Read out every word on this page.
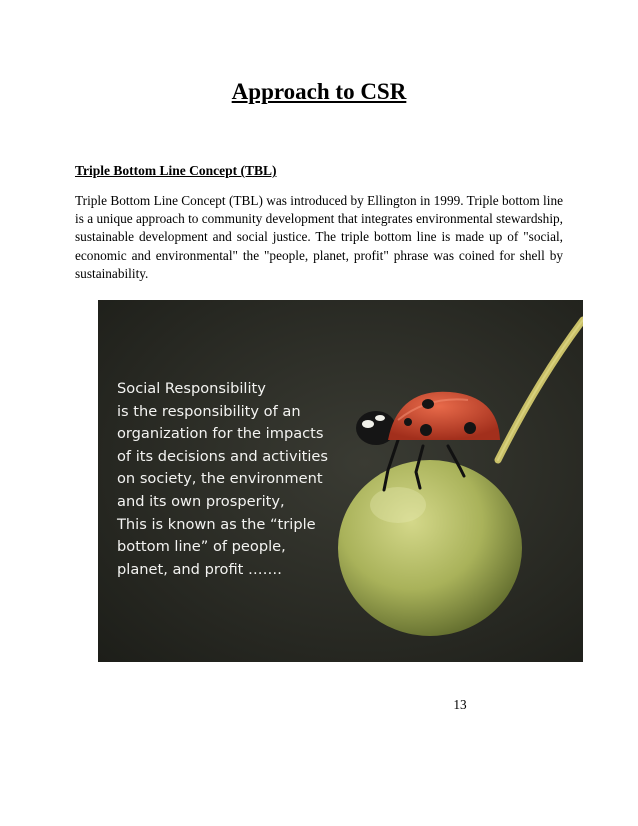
Approach to CSR
Triple Bottom Line Concept (TBL)

Triple Bottom Line Concept (TBL) was introduced by Ellington in 1999. Triple bottom line is a unique approach to community development that integrates environmental stewardship, sustainable development and social justice. The triple bottom line is made up of "social, economic and environmental" the "people, planet, profit" phrase was coined for shell by sustainability.

Social Responsibility
is the responsibility of an
organization for the impacts
of its decisions and activities
on society, the environment
and its own prosperity,
This is known as the “triple
bottom line” of people,
planet, and profit …….

13
